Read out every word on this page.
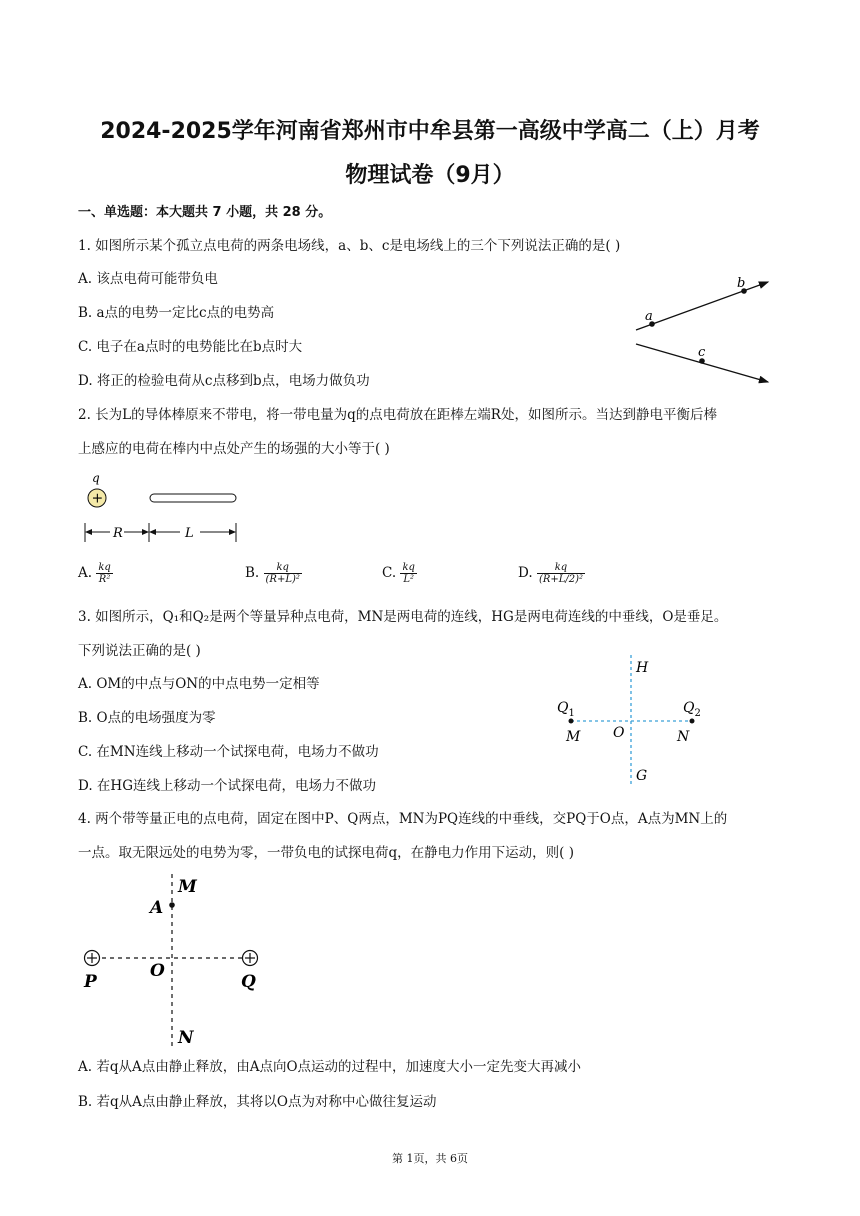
2024-2025学年河南省郑州市中牟县第一高级中学高二（上）月考
物理试卷（9月）
一、单选题：本大题共 7 小题，共 28 分。
1. 如图所示某个孤立点电荷的两条电场线，a、b、c是电场线上的三个下列说法正确的是( )
A. 该点电荷可能带负电
B. a点的电势一定比c点的电势高
C. 电子在a点时的电势能比在b点时大
D. 将正的检验电荷从c点移到b点，电场力做负功
a
b
c
2. 长为L的导体棒原来不带电，将一带电量为q的点电荷放在距棒左端R处，如图所示。当达到静电平衡后棒
上感应的电荷在棒内中点处产生的场强的大小等于( )
q
+
R	L
A. $\frac{kq}{\text{R²}}$	B. $\frac{kq}{\text{(R+L)²}}$	C. $\frac{kq}{\text{L²}}$	D. $\frac{kq}{\text{(R+L/2)²}}$
3. 如图所示，Q₁和Q₂是两个等量异种点电荷，MN是两电荷的连线，HG是两电荷连线的中垂线，O是垂足。
下列说法正确的是( )
A. OM的中点与ON的中点电势一定相等
B. O点的电场强度为零
C. 在MN连线上移动一个试探电荷，电场力不做功
D. 在HG连线上移动一个试探电荷，电场力不做功
H
G
$Q_1$	$Q_2$
M O	N
4. 两个带等量正电的点电荷，固定在图中P、Q两点，MN为PQ连线的中垂线，交PQ于O点，A点为MN上的
一点。取无限远处的电势为零，一带负电的试探电荷q，在静电力作用下运动，则( )
M
A
P
O
Q
N
A. 若q从A点由静止释放，由A点向O点运动的过程中，加速度大小一定先变大再减小
B. 若q从A点由静止释放，其将以O点为对称中心做往复运动
第 1页，共 6页
